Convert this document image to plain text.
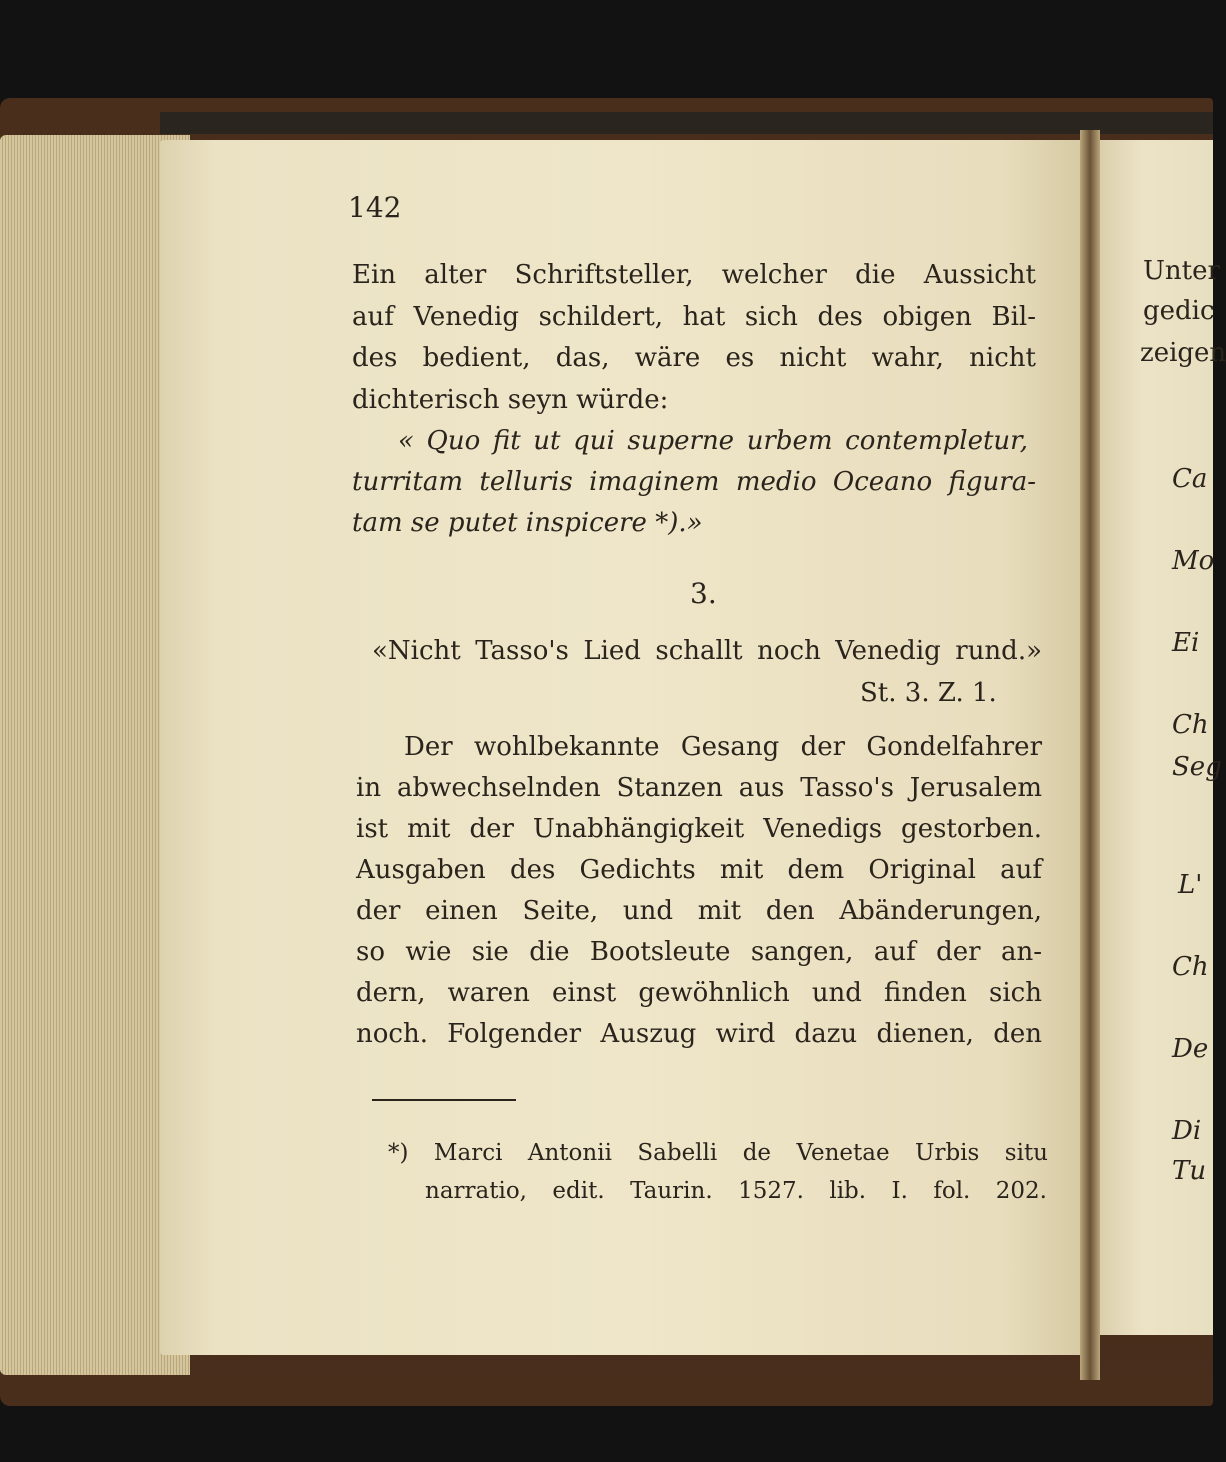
142
Ein alter Schriftsteller, welcher die Aussicht
auf Venedig schildert, hat sich des obigen Bil-
des bedient, das, wäre es nicht wahr, nicht
dichterisch seyn würde:
« Quo fit ut qui superne urbem contempletur,
turritam telluris imaginem medio Oceano figura-
tam se putet inspicere *).»
3.
«Nicht Tasso's Lied schallt noch Venedig rund.»
St. 3. Z. 1.
Der wohlbekannte Gesang der Gondelfahrer
in abwechselnden Stanzen aus Tasso's Jerusalem
ist mit der Unabhängigkeit Venedigs gestorben.
Ausgaben des Gedichts mit dem Original auf
der einen Seite, und mit den Abänderungen,
so wie sie die Bootsleute sangen, auf der an-
dern, waren einst gewöhnlich und finden sich
noch. Folgender Auszug wird dazu dienen, den
*) Marci Antonii Sabelli de Venetae Urbis situ
narratio, edit. Taurin. 1527. lib. I. fol. 202.
Unter
gedic
zeigen
Ca
Mo
Ei
Ch
Seg
L'
Ch
De
Di
Tu
